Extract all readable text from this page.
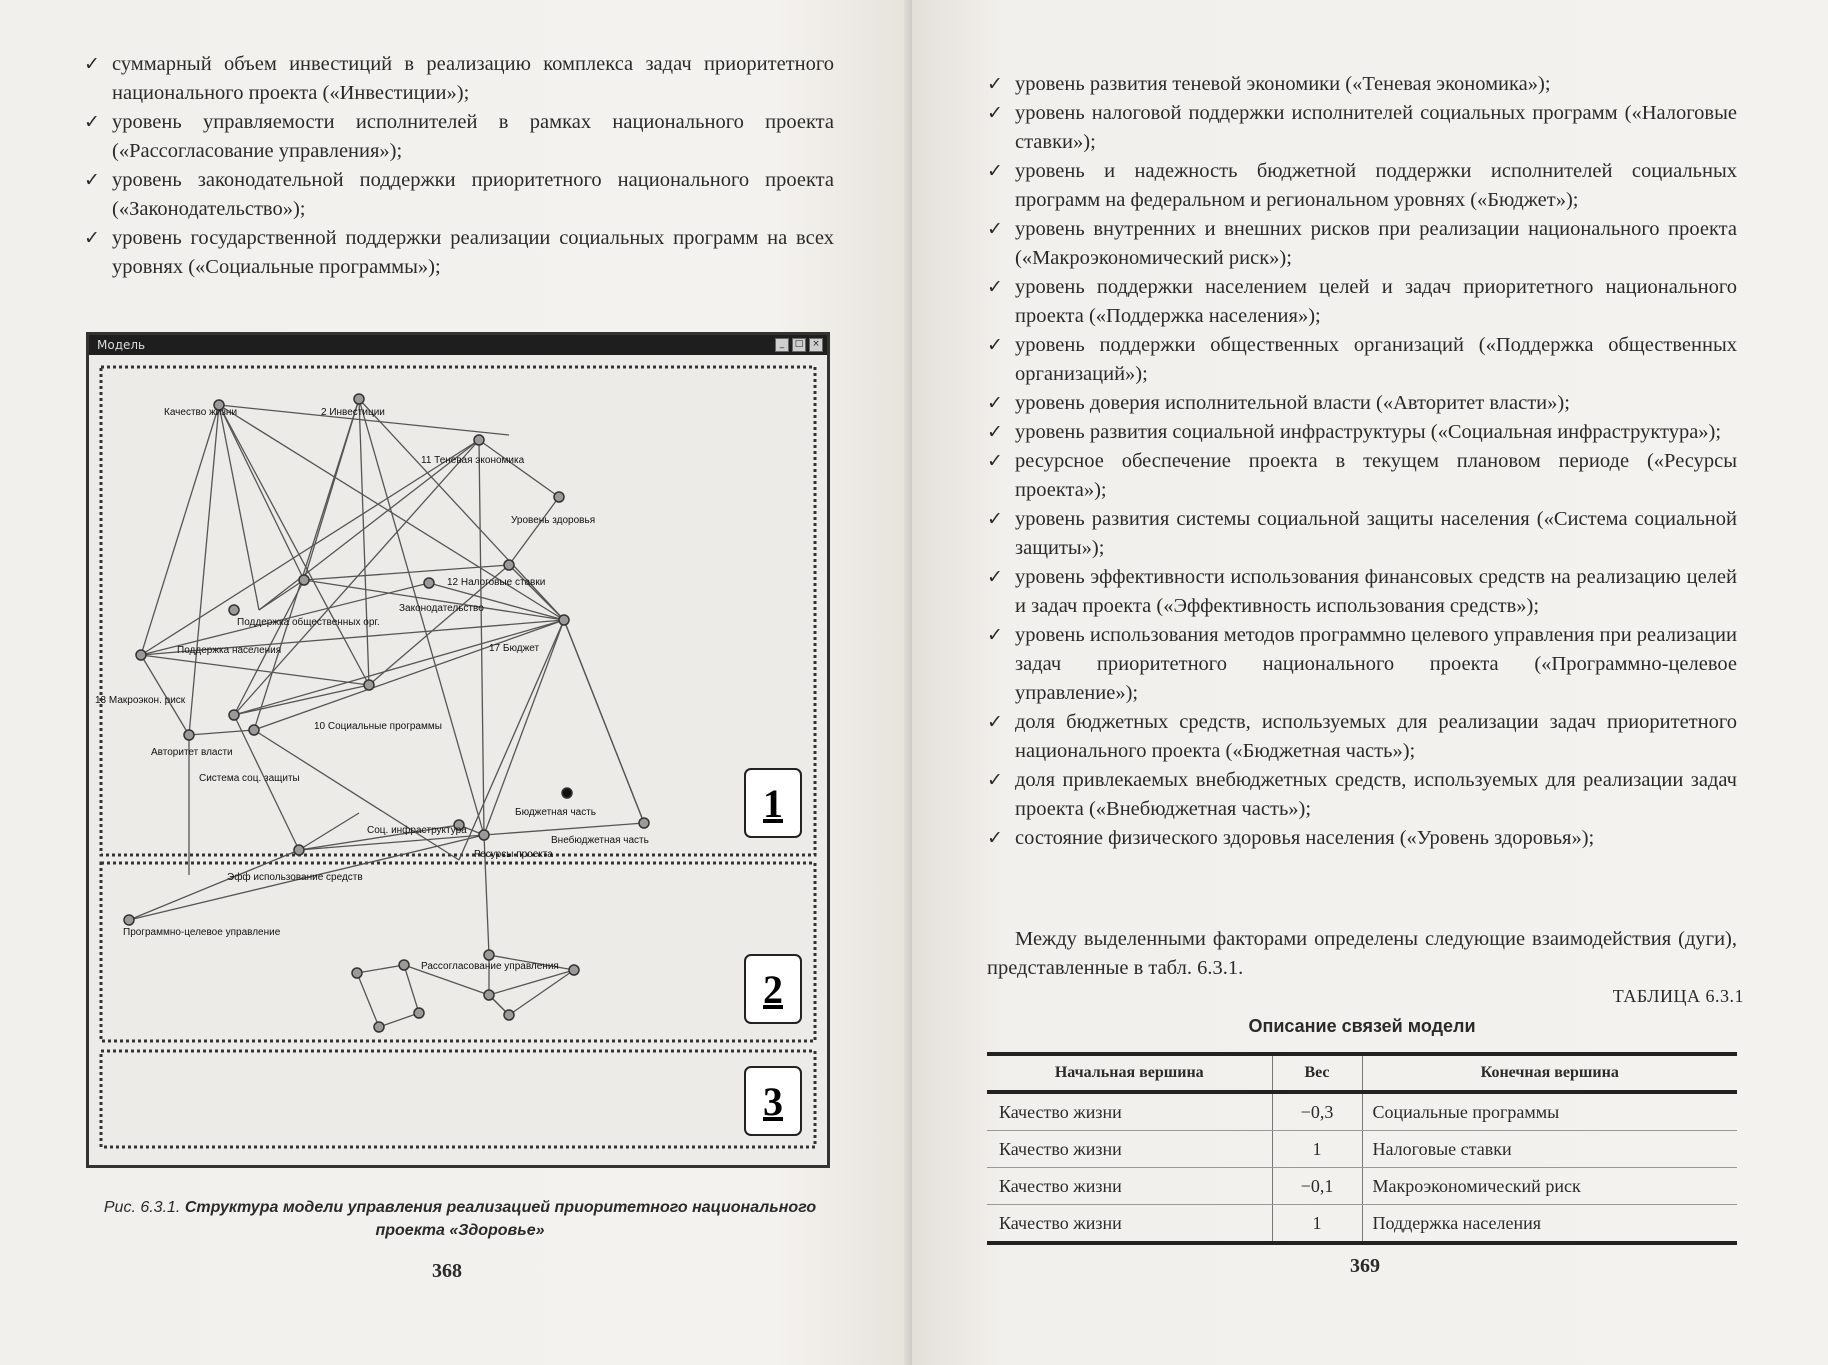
✓ суммарный объем инвестиций в реализацию комплекса задач приоритетного национального проекта («Инвестиции»);
✓ уровень управляемости исполнителей в рамках национального проекта («Рассогласование управления»);
✓ уровень законодательной поддержки приоритетного национального проекта («Законодательство»);
✓ уровень государственной поддержки реализации социальных программ на всех уровнях («Социальные программы»);
Модель	_	□ ×
1
2
3
Качество жизни	2 Инвестиции
11 Теневая экономика
Уровень здоровья
12 Налоговые ставки
Законодательство
Поддержка общественных орг.
Поддержка населения	17 Бюджет
13 Макроэкон. риск
10 Социальные программы
Авторитет власти
Система соц. защиты
Бюджетная часть
Внебюджетная часть
Соц. инфраструктура
Ресурсы проекта
Эфф использование средств
Программно-целевое управление
Рассогласование управления
Рис. 6.3.1. Структура модели управления реализацией приоритетного национального проекта «Здоровье»
368
✓ уровень развития теневой экономики («Теневая экономика»);
✓ уровень налоговой поддержки исполнителей социальных программ («Налоговые ставки»);
✓ уровень и надежность бюджетной поддержки исполнителей социальных программ на федеральном и региональном уровнях («Бюджет»);
✓ уровень внутренних и внешних рисков при реализации национального проекта («Макроэкономический риск»);
✓ уровень поддержки населением целей и задач приоритетного национального проекта («Поддержка населения»);
✓ уровень поддержки общественных организаций («Поддержка общественных организаций»);
✓ уровень доверия исполнительной власти («Авторитет власти»);
✓ уровень развития социальной инфраструктуры («Социальная инфраструктура»);
✓ ресурсное обеспечение проекта в текущем плановом периоде («Ресурсы проекта»);
✓ уровень развития системы социальной защиты населения («Система социальной защиты»);
✓ уровень эффективности использования финансовых средств на реализацию целей и задач проекта («Эффективность использования средств»);
✓ уровень использования методов программно целевого управления при реализации задач приоритетного национального проекта («Программно-целевое управление»);
✓ доля бюджетных средств, используемых для реализации задач приоритетного национального проекта («Бюджетная часть»);
✓ доля привлекаемых внебюджетных средств, используемых для реализации задач проекта («Внебюджетная часть»);
✓ состояние физического здоровья населения («Уровень здоровья»);

Между выделенными факторами определены следующие взаимодействия (дуги), представленные в табл. 6.3.1.

ТАБЛИЦА 6.3.1
Описание связей модели
Начальная вершина	Вес	Конечная вершина
Качество жизни	−0,3	Социальные программы
Качество жизни	1	Налоговые ставки
Качество жизни	−0,1	Макроэкономический риск
Качество жизни	1	Поддержка населения
369
